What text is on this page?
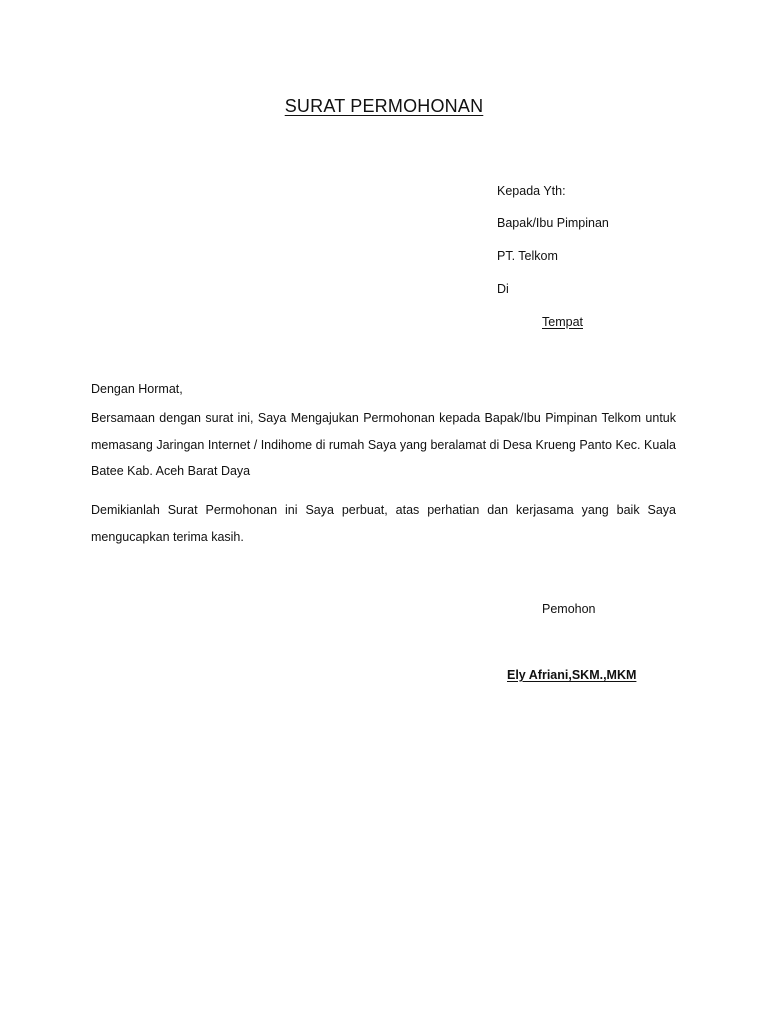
SURAT PERMOHONAN
Kepada Yth:
Bapak/Ibu Pimpinan
PT. Telkom
Di
Tempat
Dengan Hormat,
Bersamaan dengan surat ini, Saya Mengajukan Permohonan kepada Bapak/Ibu Pimpinan Telkom untuk memasang Jaringan Internet / Indihome di rumah Saya yang beralamat di Desa Krueng Panto Kec. Kuala Batee Kab. Aceh Barat Daya
Demikianlah Surat Permohonan ini Saya perbuat, atas perhatian dan kerjasama yang baik Saya mengucapkan terima kasih.
Pemohon
Ely Afriani,SKM.,MKM
